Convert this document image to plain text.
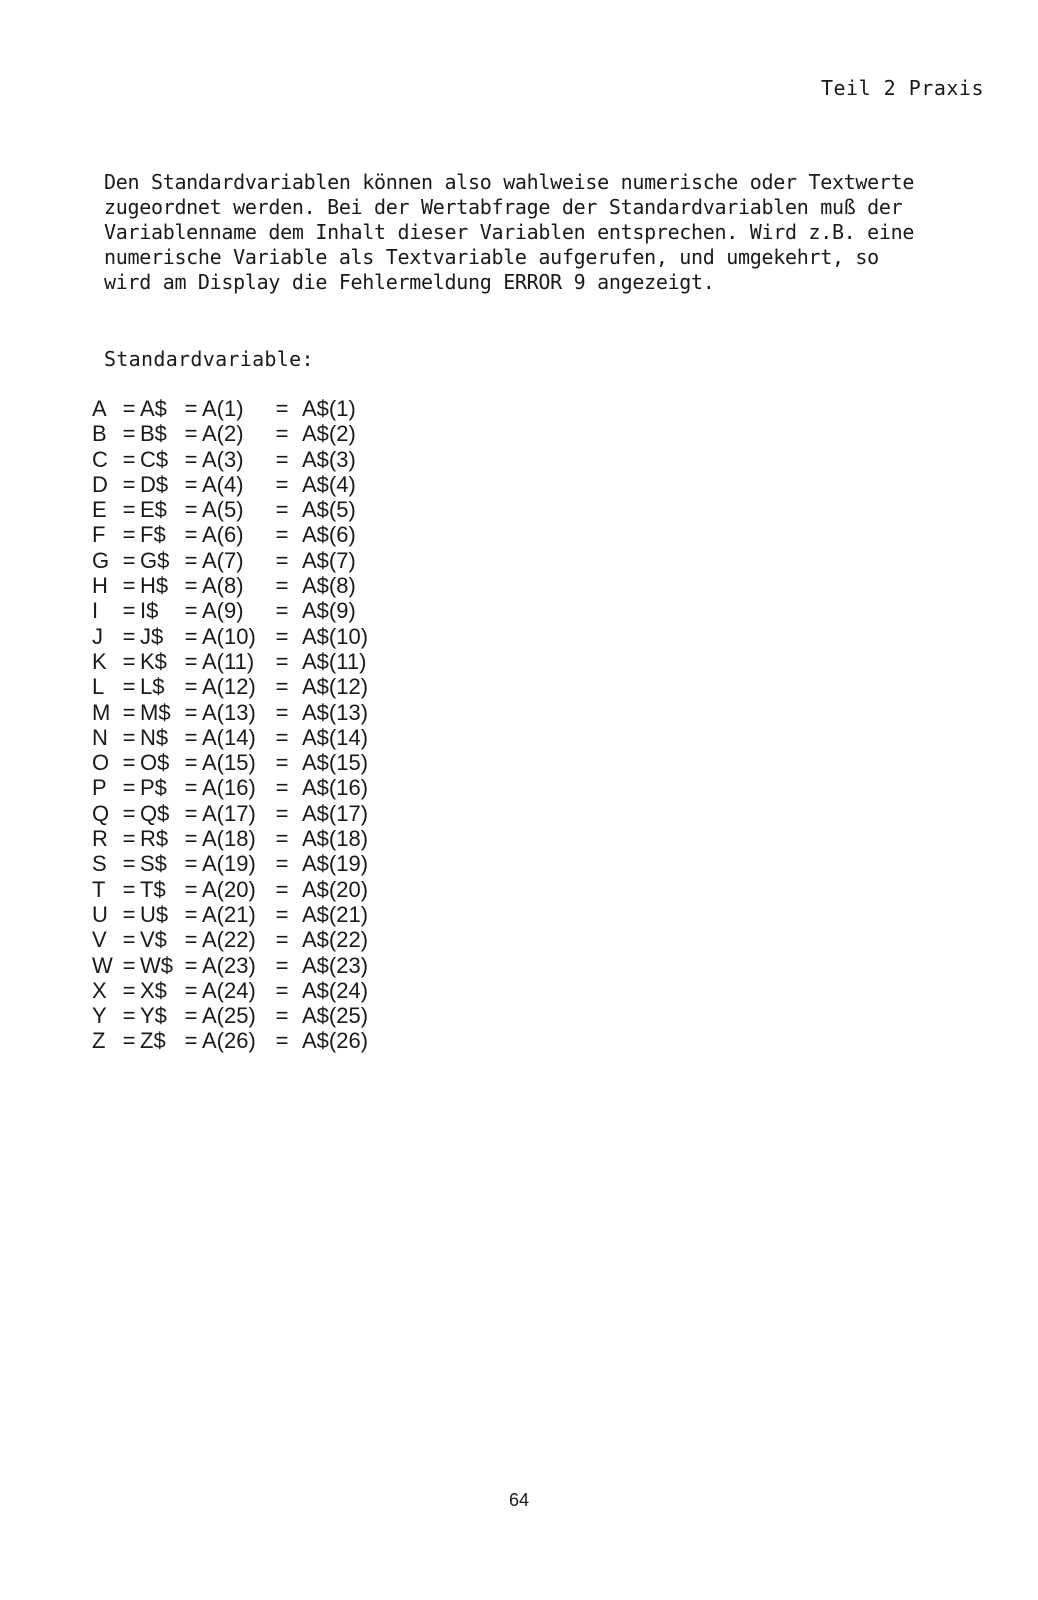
Teil 2 Praxis
Den Standardvariablen können also wahlweise numerische oder Textwerte
zugeordnet werden. Bei der Wertabfrage der Standardvariablen muß der
Variablenname dem Inhalt dieser Variablen entsprechen. Wird z.B. eine
numerische Variable als Textvariable aufgerufen, und umgekehrt, so
wird am Display die Fehlermeldung ERROR 9 angezeigt.
Standardvariable:
A = A$ = A(1)	= A$(1)
B = B$ = A(2)	= A$(2)
C = C$ = A(3)	= A$(3)
D = D$ = A(4)	= A$(4)
E = E$ = A(5)	= A$(5)
F = F$ = A(6)	= A$(6)
G = G$ = A(7)	= A$(7)
H = H$ = A(8)	= A$(8)
I	= I$	= A(9)	= A$(9)
J = J$ = A(10) = A$(10)
K = K$ = A(11) = A$(11)
L = L$ = A(12) = A$(12)
M = M$ = A(13) = A$(13)
N = N$ = A(14) = A$(14)
O = O$ = A(15) = A$(15)
P = P$ = A(16) = A$(16)
Q = Q$ = A(17) = A$(17)
R = R$ = A(18) = A$(18)
S = S$ = A(19) = A$(19)
T = T$ = A(20) = A$(20)
U = U$ = A(21) = A$(21)
V = V$ = A(22) = A$(22)
W = W$ = A(23) = A$(23)
X = X$ = A(24) = A$(24)
Y = Y$ = A(25) = A$(25)
Z = Z$ = A(26) = A$(26)
64
